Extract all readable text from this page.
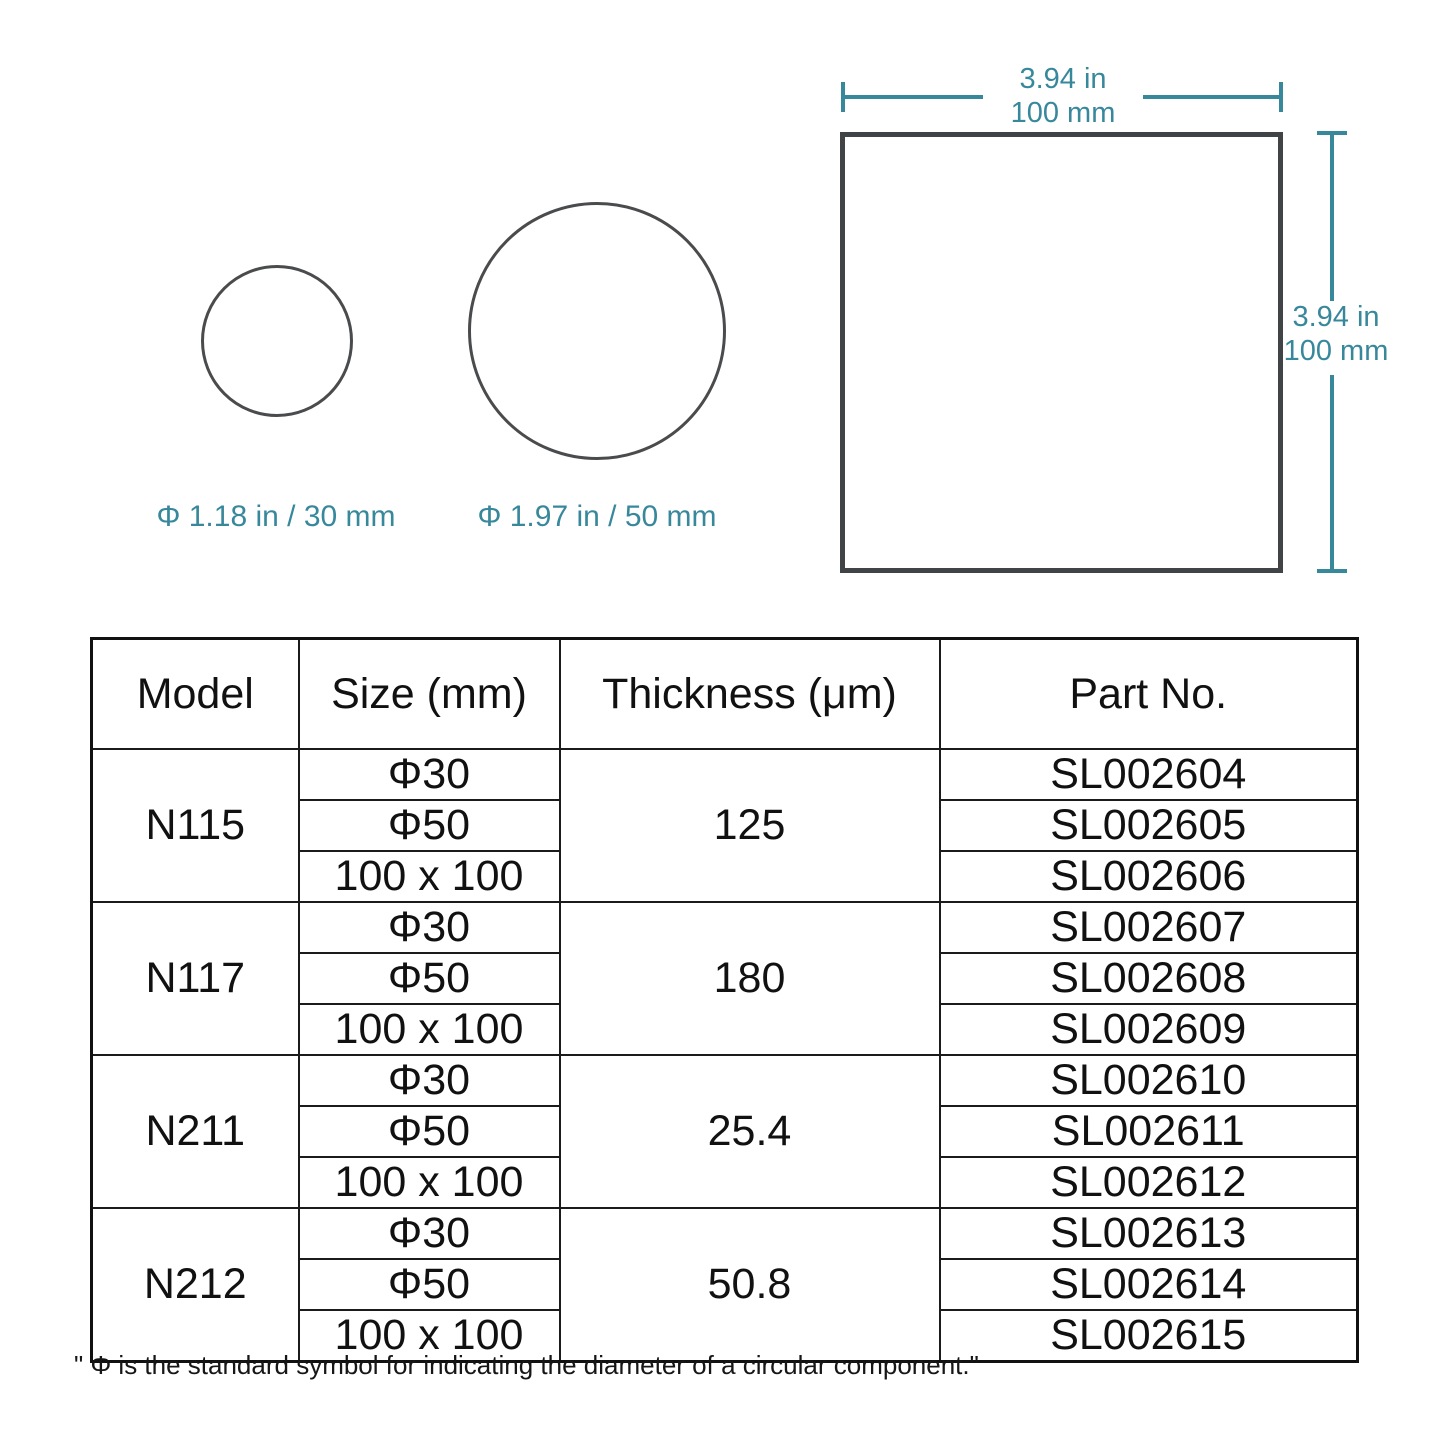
Φ 1.18 in / 30 mm	Φ 1.97 in / 50 mm
3.94 in
100 mm
3.94 in
100 mm
Model	Size (mm)	Thickness (μm)	Part No.
N115	Φ30	125	SL002604
	Φ50		SL002605
	100 x 100		SL002606
N117	Φ30	180	SL002607
	Φ50		SL002608
	100 x 100		SL002609
N211	Φ30	25.4	SL002610
	Φ50		SL002611
	100 x 100		SL002612
N212	Φ30	50.8	SL002613
	Φ50		SL002614
	100 x 100		SL002615
" Φ is the standard symbol for indicating the diameter of a circular component."
